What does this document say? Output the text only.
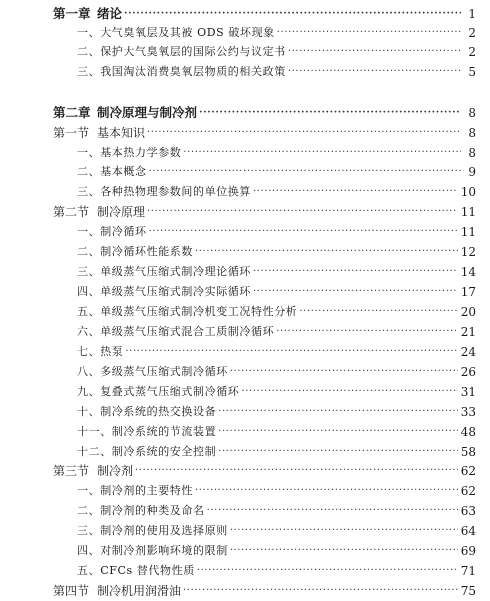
第一章 绪论 ·····	1
一、大气臭氧层及其被 ODS 破坏现象 ·····	2
二、保护大气臭氧层的国际公约与议定书 ·····	2
三、我国淘汰消费臭氧层物质的相关政策 ·····	5
第二章 制冷原理与制冷剂 ·····	8
第一节 基本知识 ·····	8
一、基本热力学参数 ·····	8
二、基本概念 ·····	9
三、各种热物理参数间的单位换算 ·····	10
第二节 制冷原理 ·····	11
一、制冷循环 ·····	11
二、制冷循环性能系数 ·····	12
三、单级蒸气压缩式制冷理论循环 ·····	14
四、单级蒸气压缩式制冷实际循环 ·····	17
五、单级蒸气压缩式制冷机变工况特性分析 ·····	20
六、单级蒸气压缩式混合工质制冷循环 ·····	21
七、热泵 ·····	24
八、多级蒸气压缩式制冷循环 ·····	26
九、复叠式蒸气压缩式制冷循环 ·····	31
十、制冷系统的热交换设备 ·····	33
十一、制冷系统的节流装置 ·····	48
十二、制冷系统的安全控制 ·····	58
第三节 制冷剂 ·····	62
一、制冷剂的主要特性 ·····	62
二、制冷剂的种类及命名 ·····	63
三、制冷剂的使用及选择原则 ·····	64
四、对制冷剂影响环境的限制 ·····	69
五、CFCs 替代物性质 ·····	71
第四节 制冷机用润滑油 ·····	75
